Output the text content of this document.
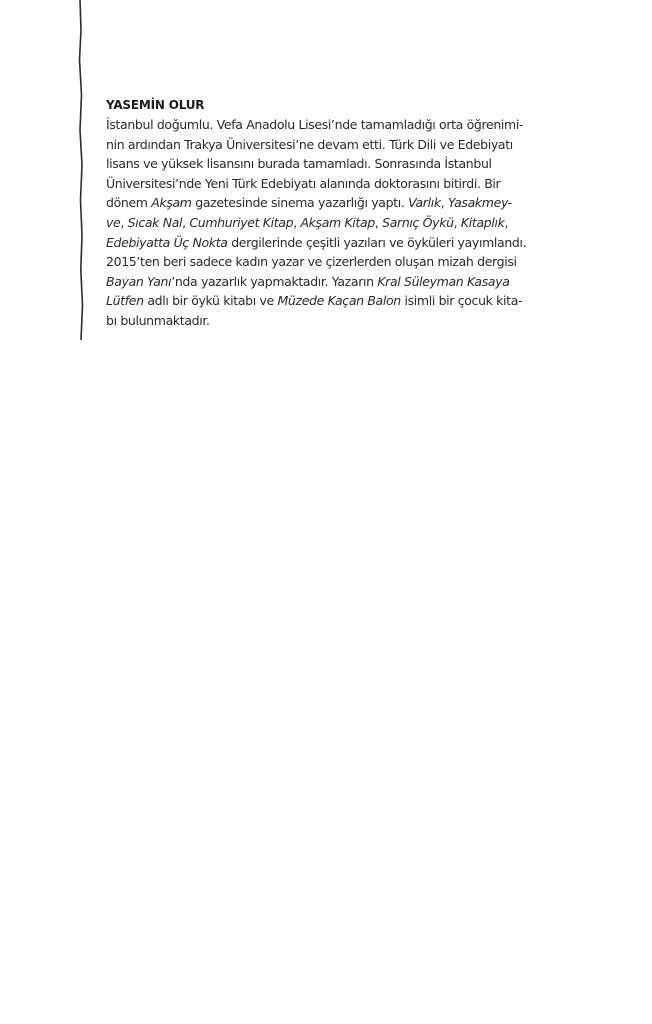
YASEMİN OLUR
İstanbul doğumlu. Vefa Anadolu Lisesi’nde tamamladığı orta öğrenimi-
nin ardından Trakya Üniversitesi’ne devam etti. Türk Dili ve Edebiyatı
lisans ve yüksek lisansını burada tamamladı. Sonrasında İstanbul
Üniversitesi’nde Yeni Türk Edebiyatı alanında doktorasını bitirdi. Bir
dönem Akşam gazetesinde sinema yazarlığı yaptı. Varlık, Yasakmey-
ve, Sıcak Nal, Cumhuriyet Kitap, Akşam Kitap, Sarnıç Öykü, Kitaplık,
Edebiyatta Üç Nokta dergilerinde çeşitli yazıları ve öyküleri yayımlandı.
2015’ten beri sadece kadın yazar ve çizerlerden oluşan mizah dergisi
Bayan Yanı’nda yazarlık yapmaktadır. Yazarın Kral Süleyman Kasaya
Lütfen adlı bir öykü kitabı ve Müzede Kaçan Balon isimli bir çocuk kita-
bı bulunmaktadır.
